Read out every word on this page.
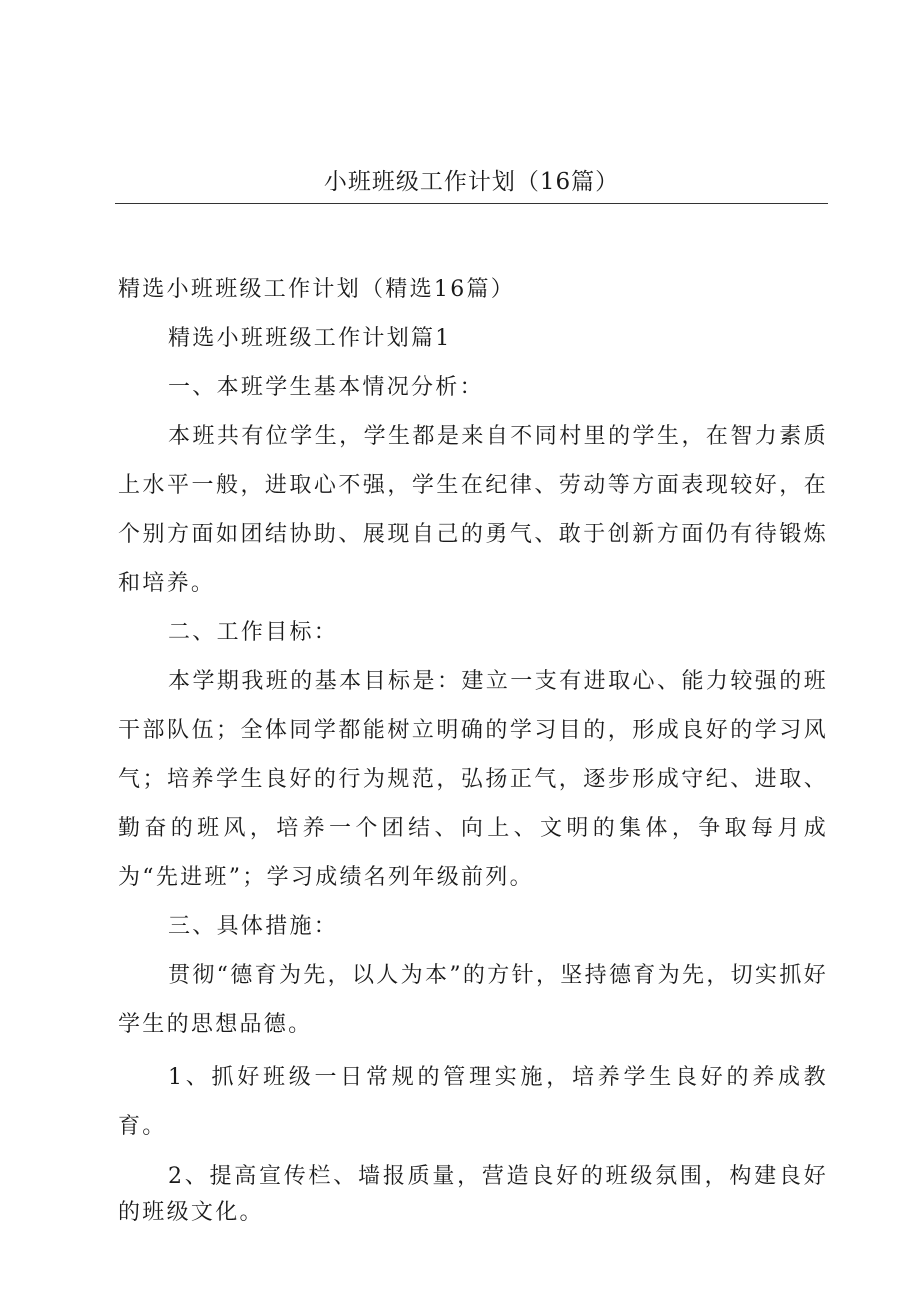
小班班级工作计划（16篇）

精选小班班级工作计划（精选16篇）

精选小班班级工作计划篇1

一、本班学生基本情况分析：

本班共有位学生，学生都是来自不同村里的学生，在智力素质上水平一般，进取心不强，学生在纪律、劳动等方面表现较好，在个别方面如团结协助、展现自己的勇气、敢于创新方面仍有待锻炼和培养。

二、工作目标：

本学期我班的基本目标是：建立一支有进取心、能力较强的班干部队伍；全体同学都能树立明确的学习目的，形成良好的学习风气；培养学生良好的行为规范，弘扬正气，逐步形成守纪、进取、勤奋的班风，培养一个团结、向上、文明的集体，争取每月成为“先进班”；学习成绩名列年级前列。

三、具体措施：

贯彻“德育为先，以人为本”的方针，坚持德育为先，切实抓好学生的思想品德。

1、抓好班级一日常规的管理实施，培养学生良好的养成教育。

2、提高宣传栏、墙报质量，营造良好的班级氛围，构建良好的班级文化。
